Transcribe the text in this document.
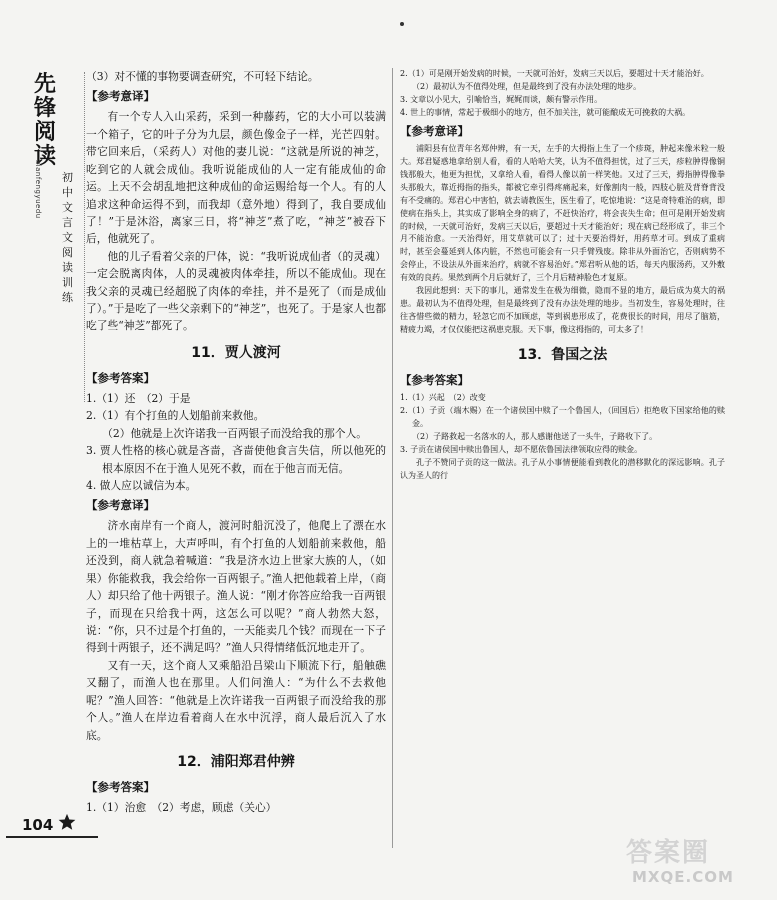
先
锋
阅
读
xianfengyuedu 初
中
文
言
文
阅
读
训
练
（3）对不懂的事物要调查研究，不可轻下结论。
【参考意译】
有一个专人入山采药，采到一种藤药，它的大小可以装满一个箱子，它的叶子分为九层，颜色像金子一样，光芒四射。带它回来后，（采药人）对他的妻儿说：“这就是所说的神芝，吃到它的人就会成仙。我听说能成仙的人一定有能成仙的命运。上天不会胡乱地把这种成仙的命运赐给每一个人。有的人追求这种命运得不到，而我却（意外地）得到了，我自要成仙了！”于是沐浴，离家三日，将“神芝”煮了吃，“神芝”被吞下后，他就死了。
他的儿子看着父亲的尸体，说：“我听说成仙者（的灵魂）一定会脱离肉体，人的灵魂被肉体牵挂，所以不能成仙。现在我父亲的灵魂已经超脱了肉体的牵挂，并不是死了（而是成仙了）。”于是吃了一些父亲剩下的“神芝”，也死了。于是家人也都吃了些“神芝”都死了。
11．贾人渡河
【参考答案】
1.（1）还　（2）于是
2.（1）有个打鱼的人划船前来救他。
（2）他就是上次许诺我一百两银子而没给我的那个人。
3. 贾人性格的核心就是吝啬，吝啬使他食言失信，所以他死的根本原因不在于渔人见死不救，而在于他言而无信。
4. 做人应以诚信为本。
【参考意译】
济水南岸有一个商人，渡河时船沉没了，他爬上了漂在水上的一堆枯草上，大声呼叫，有个打鱼的人划船前来救他，船还没到，商人就急着喊道：“我是济水边上世家大族的人，（如果）你能救我，我会给你一百两银子。”渔人把他载着上岸，（商人）却只给了他十两银子。渔人说：“刚才你答应给我一百两银子，而现在只给我十两，这怎么可以呢？”商人勃然大怒，说：“你，只不过是个打鱼的，一天能卖几个钱？而现在一下子得到十两银子，还不满足吗？”渔人只得情绪低沉地走开了。
又有一天，这个商人又乘船沿吕梁山下顺流下行，船触礁又翻了，而渔人也在那里。人们问渔人：“为什么不去救他呢？”渔人回答：“他就是上次许诺我一百两银子而没给我的那个人。”渔人在岸边看着商人在水中沉浮，商人最后沉入了水底。
12．浦阳郑君仲辨
【参考答案】
1.（1）治愈　（2）考虑，顾虑（关心）
2.（1）可是刚开始发病的时候，一天就可治好，发病三天以后，要超过十天才能治好。
（2）最初认为不值得处理，但是最终到了没有办法处理的地步。
3. 文章以小见大，引喻恰当，娓娓而谈，颇有警示作用。
4. 世上的事情，常起于极细小的地方，但不加关注，就可能酿成无可挽救的大祸。
【参考意译】
浦阳县有位青年名郑仲辨，有一天，左手的大拇指上生了一个疹斑，肿起来像米粒一般大。郑君疑惑地拿给别人看，看的人哈哈大笑，认为不值得担忧，过了三天，疹粒肿得像铜钱那般大，他更为担忧，又拿给人看，看得人像以前一样笑他。又过了三天，拇指肿得像拳头那般大，靠近拇指的指头，都被它牵引得疼痛起来，好像割肉一般，四肢心脏及背脊背没有不受痛的。郑君心中害怕，就去请教医生，医生看了，吃惊地说：“这是奇特难治的病，即使病在指头上，其实成了影响全身的病了，不赶快治疗，将会丧失生命；但可是刚开始发病的时候，一天就可治好，发病三天以后，要超过十天才能治好；现在病已经形成了，非三个月不能治愈。一天治得好，用艾草就可以了；过十天要治得好，用药草才可。到成了重病时，甚至会蔓延到人体内脏，不然也可能会有一只手臂残废。除非从外面治它，否则病势不会停止，不设法从外面来治疗，病就不容易治好。”郑君听从他的话，每天内服汤药，又外敷有效的良药。果然到两个月后就好了，三个月后精神脸色才复原。
我因此想到：天下的事儿，通常发生在极为细微，隐而不显的地方，最后成为莫大的祸患。最初认为不值得处理，但是最终到了没有办法处理的地步。当初发生，容易处理时，往往吝惜些微的精力，轻忽它而不加顾虑，等到祸患形成了，花费很长的时间，用尽了脑筋，精疲力竭，才仅仅能把这祸患克服。天下事，像这拇指的，可太多了！
13．鲁国之法
【参考答案】
1.（1）兴起　（2）改变
2.（1）子贡（端木赐）在一个诸侯国中赎了一个鲁国人，（回国后）拒绝收下国家给他的赎金。
（2）子路救起一名落水的人，那人感谢他送了一头牛，子路收下了。
3. 子贡在诸侯国中赎出鲁国人，却不愿依鲁国法律领取应得的赎金。
孔子不赞同子贡的这一做法。孔子从小事情便能看到教化的潜移默化的深远影响。孔子认为圣人的行
104
答案圈
MXQE.COM
